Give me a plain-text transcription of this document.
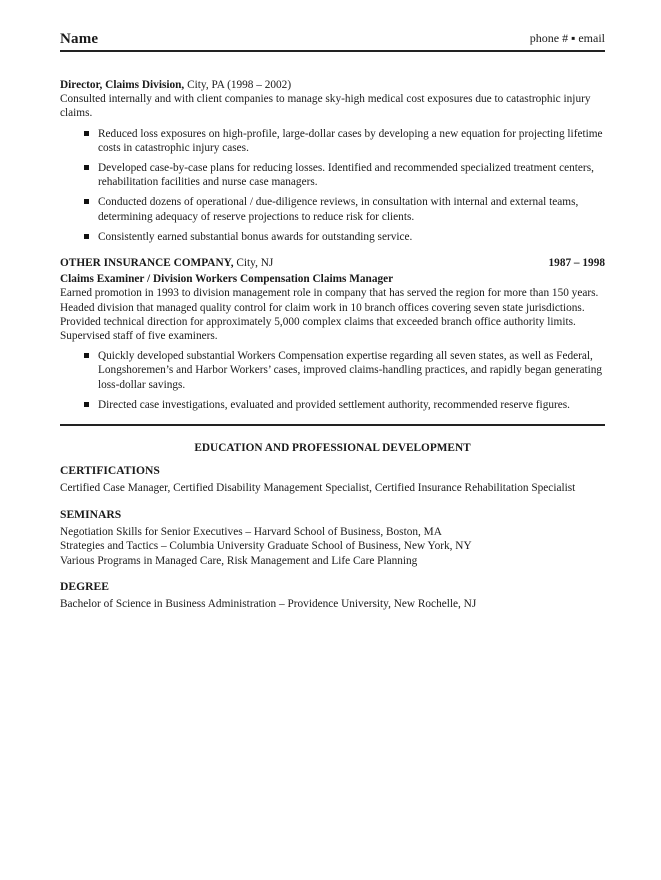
Name	phone # ▪ email
Director, Claims Division, City, PA (1998 – 2002)
Consulted internally and with client companies to manage sky-high medical cost exposures due to catastrophic injury claims.
Reduced loss exposures on high-profile, large-dollar cases by developing a new equation for projecting lifetime costs in catastrophic injury cases.
Developed case-by-case plans for reducing losses. Identified and recommended specialized treatment centers, rehabilitation facilities and nurse case managers.
Conducted dozens of operational / due-diligence reviews, in consultation with internal and external teams, determining adequacy of reserve projections to reduce risk for clients.
Consistently earned substantial bonus awards for outstanding service.
OTHER INSURANCE COMPANY, City, NJ	1987 – 1998
Claims Examiner / Division Workers Compensation Claims Manager
Earned promotion in 1993 to division management role in company that has served the region for more than 150 years. Headed division that managed quality control for claim work in 10 branch offices covering seven state jurisdictions. Provided technical direction for approximately 5,000 complex claims that exceeded branch office authority limits. Supervised staff of five examiners.
Quickly developed substantial Workers Compensation expertise regarding all seven states, as well as Federal, Longshoremen’s and Harbor Workers’ cases, improved claims-handling practices, and rapidly began generating loss-dollar savings.
Directed case investigations, evaluated and provided settlement authority, recommended reserve figures.
EDUCATION AND PROFESSIONAL DEVELOPMENT
CERTIFICATIONS
Certified Case Manager, Certified Disability Management Specialist, Certified Insurance Rehabilitation Specialist
SEMINARS
Negotiation Skills for Senior Executives – Harvard School of Business, Boston, MA
Strategies and Tactics – Columbia University Graduate School of Business, New York, NY
Various Programs in Managed Care, Risk Management and Life Care Planning
DEGREE
Bachelor of Science in Business Administration – Providence University, New Rochelle, NJ
